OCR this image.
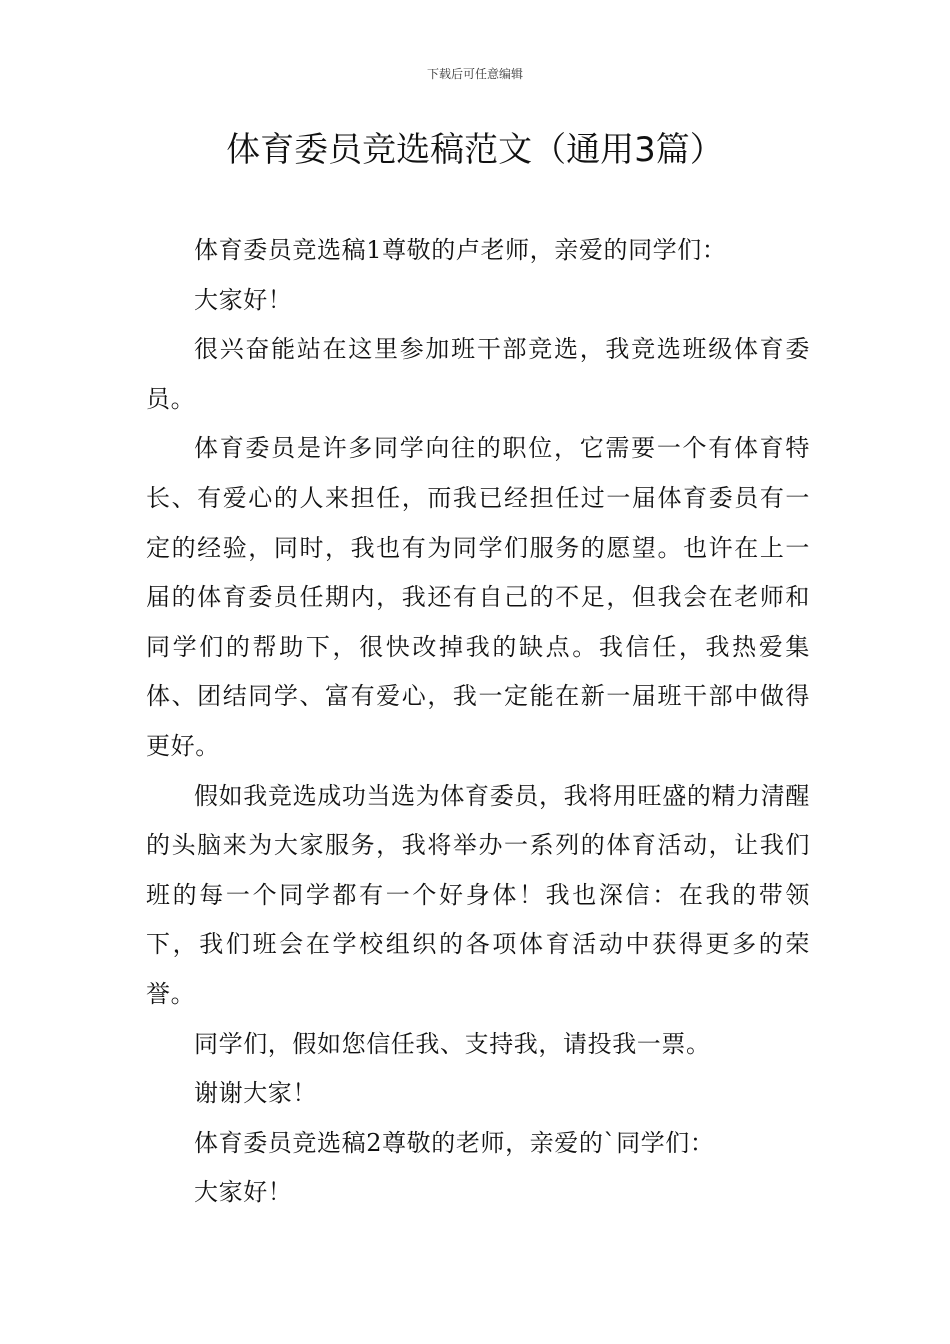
下载后可任意编辑
体育委员竞选稿范文（通用3篇）

体育委员竞选稿1尊敬的卢老师，亲爱的同学们：

大家好！

很兴奋能站在这里参加班干部竞选，我竞选班级体育委员。

体育委员是许多同学向往的职位，它需要一个有体育特长、有爱心的人来担任，而我已经担任过一届体育委员有一定的经验，同时，我也有为同学们服务的愿望。也许在上一届的体育委员任期内，我还有自己的不足，但我会在老师和同学们的帮助下，很快改掉我的缺点。我信任，我热爱集体、团结同学、富有爱心，我一定能在新一届班干部中做得更好。

假如我竞选成功当选为体育委员，我将用旺盛的精力清醒的头脑来为大家服务，我将举办一系列的体育活动，让我们班的每一个同学都有一个好身体！我也深信：在我的带领下，我们班会在学校组织的各项体育活动中获得更多的荣誉。

同学们，假如您信任我、支持我，请投我一票。

谢谢大家！

体育委员竞选稿2尊敬的老师，亲爱的`同学们：

大家好！
